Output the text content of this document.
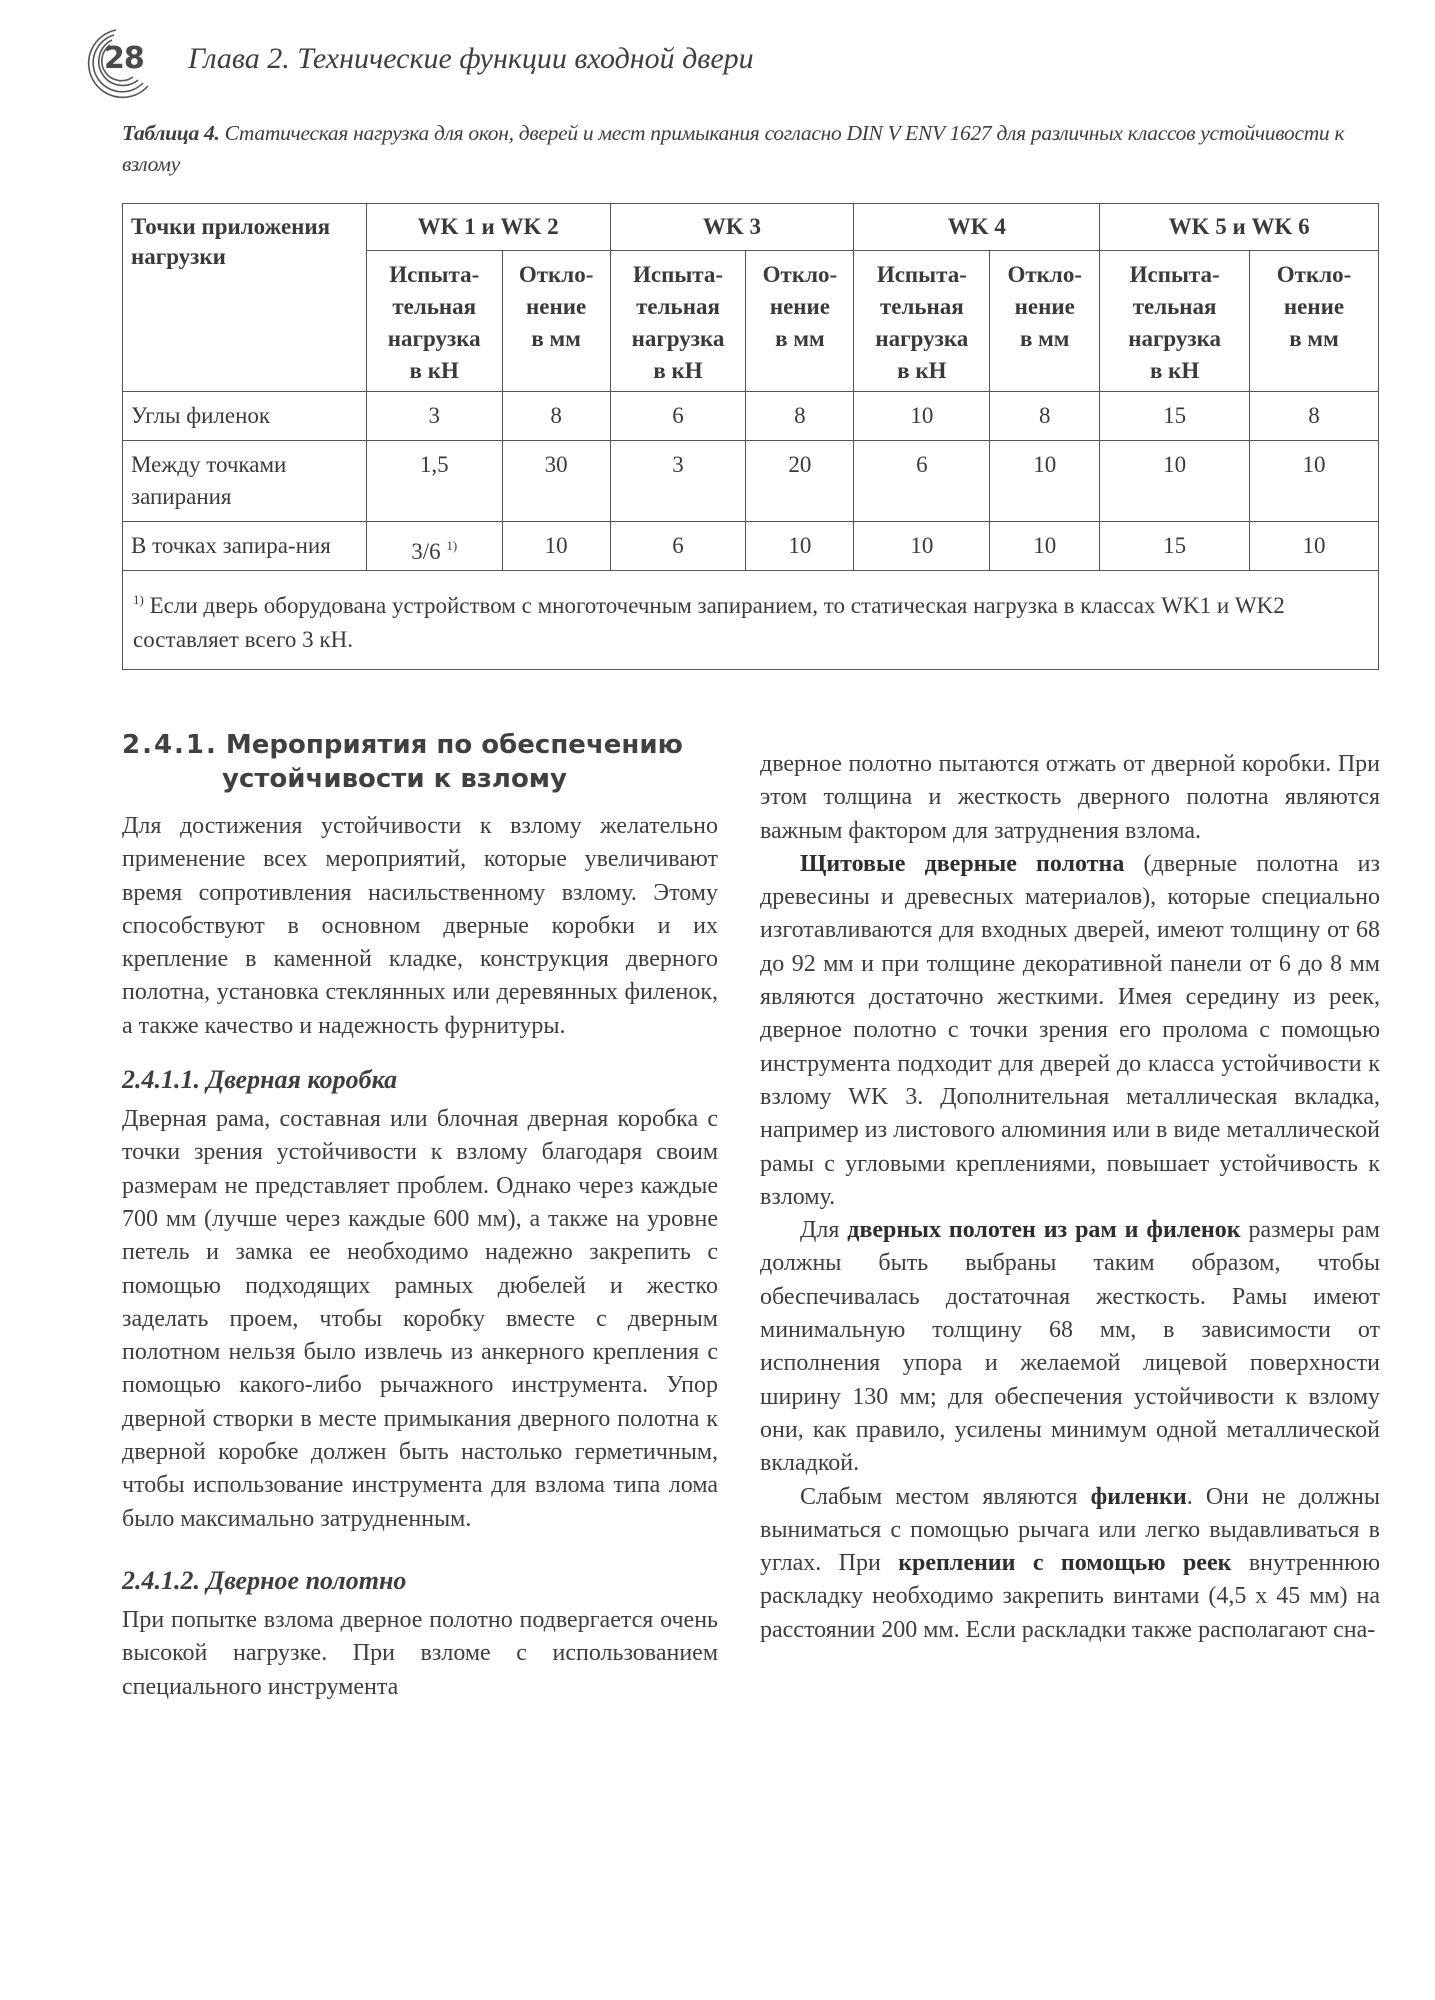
28 Глава 2. Технические функции входной двери
Таблица 4. Статическая нагрузка для окон, дверей и мест примыкания согласно DIN V ENV 1627 для различных классов устойчивости к взлому
Точки приложения нагрузки	WK 1 и WK 2		WK 3		WK 4		WK 5 и WK 6	
	Испыта-
тельная
нагрузка
в кН	Откло-
нение
в мм	Испыта-
тельная
нагрузка
в кН	Откло-
нение
в мм	Испыта-
тельная
нагрузка
в кН	Откло-
нение
в мм	Испыта-
тельная
нагрузка
в кН	Откло-
нение
в мм
Углы филенок	3	8	6	8	10	8	15	8
Между точками запирания	1,5	30	3	20	6	10	10	10
В точках запира-ния	3/6 $^{1)}$	10	6	10	10	10	15	10
$^{1)}$ Если дверь оборудована устройством с многоточечным запиранием, то статическая нагрузка в классах WK1 и WK2 составляет всего 3 кН.								
2.4.1. Мероприятия по обеспечению
устойчивости к взлому

Для достижения устойчивости к взлому желательно применение всех мероприятий, которые увеличивают время сопротивления насильственному взлому. Этому способствуют в основном дверные коробки и их крепление в каменной кладке, конструкция дверного полотна, установка стеклянных или деревянных филенок, а также качество и надежность фурнитуры.

2.4.1.1. Дверная коробка

Дверная рама, составная или блочная дверная коробка с точки зрения устойчивости к взлому благодаря своим размерам не представляет проблем. Однако через каждые 700 мм (лучше через каждые 600 мм), а также на уровне петель и замка ее необходимо надежно закрепить с помощью подходящих рамных дюбелей и жестко заделать проем, чтобы коробку вместе с дверным полотном нельзя было извлечь из анкерного крепления с помощью какого-либо рычажного инструмента. Упор дверной створки в месте примыкания дверного полотна к дверной коробке должен быть настолько герметичным, чтобы использование инструмента для взлома типа лома было максимально затрудненным.

2.4.1.2. Дверное полотно

При попытке взлома дверное полотно подвергается очень высокой нагрузке. При взломе с использованием специального инструмента

дверное полотно пытаются отжать от дверной коробки. При этом толщина и жесткость дверного полотна являются важным фактором для затруднения взлома.

Щитовые дверные полотна (дверные полотна из древесины и древесных материалов), которые специально изготавливаются для входных дверей, имеют толщину от 68 до 92 мм и при толщине декоративной панели от 6 до 8 мм являются достаточно жесткими. Имея середину из реек, дверное полотно с точки зрения его пролома с помощью инструмента подходит для дверей до класса устойчивости к взлому WK 3. Дополнительная металлическая вкладка, например из листового алюминия или в виде металлической рамы с угловыми креплениями, повышает устойчивость к взлому.

Для дверных полотен из рам и филенок размеры рам должны быть выбраны таким образом, чтобы обеспечивалась достаточная жесткость. Рамы имеют минимальную толщину 68 мм, в зависимости от исполнения упора и желаемой лицевой поверхности ширину 130 мм; для обеспечения устойчивости к взлому они, как правило, усилены минимум одной металлической вкладкой.

Слабым местом являются филенки. Они не должны выниматься с помощью рычага или легко выдавливаться в углах. При креплении с помощью реек внутреннюю раскладку необходимо закрепить винтами (4,5 x 45 мм) на расстоянии 200 мм. Если раскладки также располагают сна-
